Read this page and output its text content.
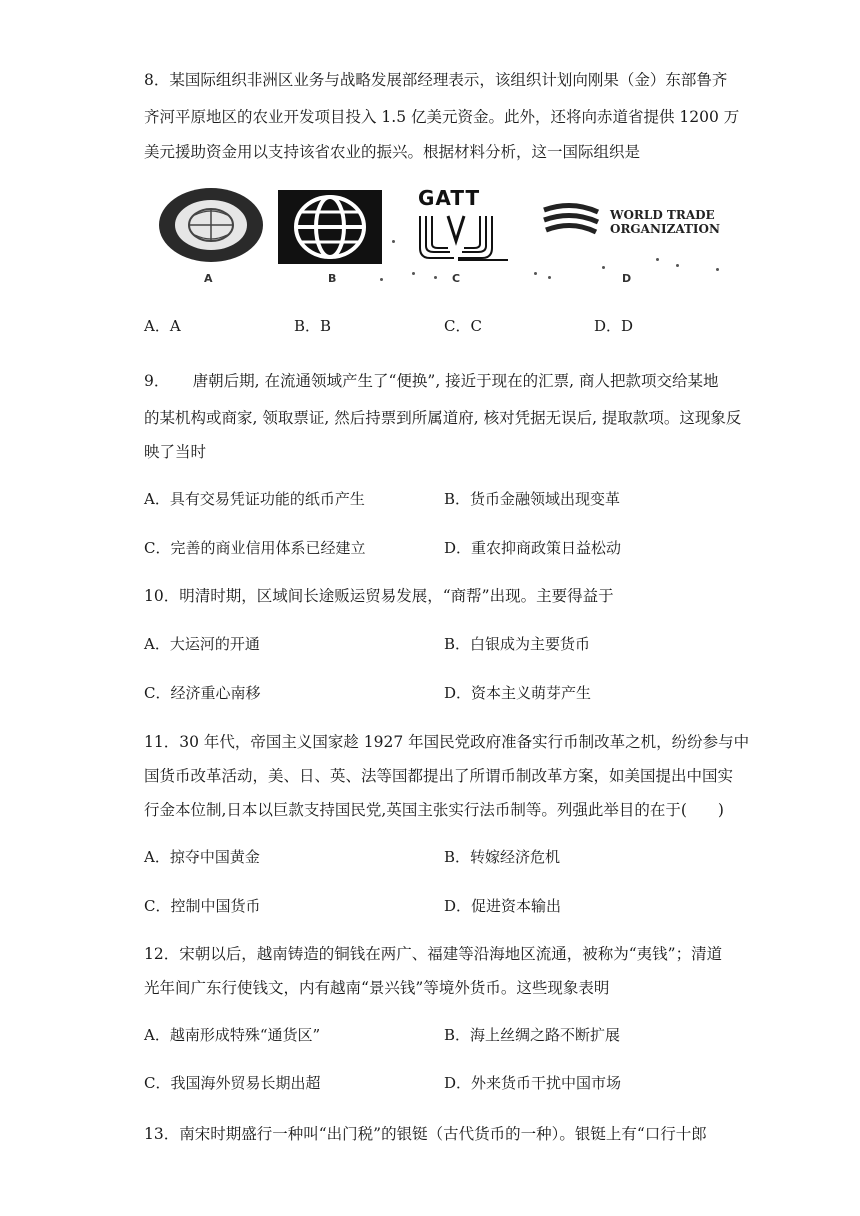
8．某国际组织非洲区业务与战略发展部经理表示，该组织计划向刚果（金）东部鲁齐
齐河平原地区的农业开发项目投入 1.5 亿美元资金。此外，还将向赤道省提供 1200 万
美元援助资金用以支持该省农业的振兴。根据材料分析，这一国际组织是
A	B
GATT
C
WORLD TRADE
ORGANIZATION
D
A．A	B．B	C．C	D．D
9．　　唐朝后期, 在流通领域产生了“便换”, 接近于现在的汇票, 商人把款项交给某地
的某机构或商家, 领取票证, 然后持票到所属道府, 核对凭据无误后, 提取款项。这现象反
映了当时
A．具有交易凭证功能的纸币产生	B．货币金融领域出现变革
C．完善的商业信用体系已经建立	D．重农抑商政策日益松动
10．明清时期，区域间长途贩运贸易发展，“商帮”出现。主要得益于
A．大运河的开通	B．白银成为主要货币
C．经济重心南移	D．资本主义萌芽产生
11．30 年代，帝国主义国家趁 1927 年国民党政府准备实行币制改革之机，纷纷参与中
国货币改革活动，美、日、英、法等国都提出了所谓币制改革方案，如美国提出中国实
行金本位制,日本以巨款支持国民党,英国主张实行法币制等。列强此举目的在于(　　)
A．掠夺中国黄金	B．转嫁经济危机
C．控制中国货币	D．促进资本输出
12．宋朝以后，越南铸造的铜钱在两广、福建等沿海地区流通，被称为“夷钱”；清道
光年间广东行使钱文，内有越南“景兴钱”等境外货币。这些现象表明
A．越南形成特殊“通货区”	B．海上丝绸之路不断扩展
C．我国海外贸易长期出超	D．外来货币干扰中国市场
13．南宋时期盛行一种叫“出门税”的银铤（古代货币的一种）。银铤上有“口行十郎
